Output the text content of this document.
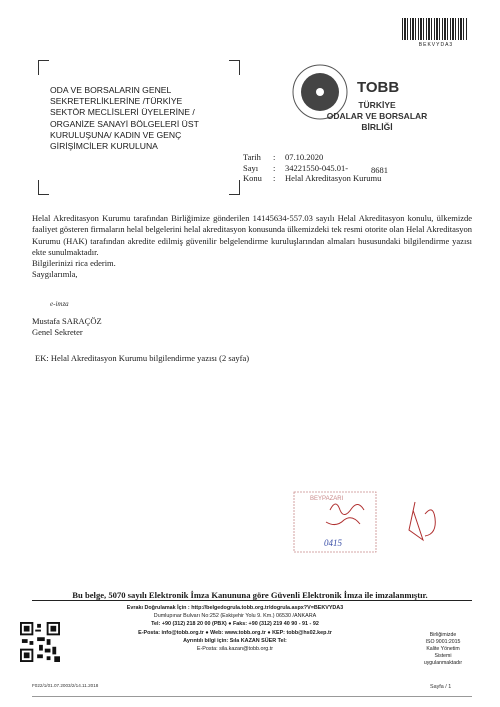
BEKVYDA3
ODA VE BORSALARIN GENEL
SEKRETERLİKLERİNE /TÜRKİYE
SEKTÖR MECLİSLERİ ÜYELERİNE /
ORGANİZE SANAYİ BÖLGELERİ ÜST
KURULUŞUNA/ KADIN VE GENÇ
GİRİŞİMCİLER KURULUNA
TOBB
TÜRKİYE
ODALAR VE BORSALAR
BİRLİĞİ
Tarih	: 07.10.2020
Sayı	: 34221550-045.01-	8681
Konu	: Helal Akreditasyon Kurumu

Helal Akreditasyon Kurumu tarafından Birliğimize gönderilen 14145634-557.03 sayılı Helal Akreditasyon konulu, ülkemizde faaliyet gösteren firmaların helal belgelerini helal akreditasyon konusunda ülkemizdeki tek resmi otorite olan Helal Akreditasyon Kurumu (HAK) tarafından akredite edilmiş güvenilir belgelendirme kuruluşlarından almaları hususundaki bilgilendirme yazısı ekte sunulmaktadır.

Bilgilerinizi rica ederim.

Saygılarımla,

e-imza
Mustafa SARAÇÖZ
Genel Sekreter
EK: Helal Akreditasyon Kurumu bilgilendirme yazısı (2 sayfa)
BEYPAZARI
0415
Bu belge, 5070 sayılı Elektronik İmza Kanununa göre Güvenli Elektronik İmza ile imzalanmıştır.
Evrakı Doğrulamak İçin : http://belgedogrula.tobb.org.tr/dogrula.aspx?V=BEKVYDA3
Dumlupınar Bulvarı No:252 (Eskişehir Yolu 9. Km.) 06530 /ANKARA
Tel: +90 (312) 218 20 00 (PBX) ● Faks: +90 (312) 219 40 90 - 91 - 92
E-Posta: info@tobb.org.tr ● Web: www.tobb.org.tr ● KEP: tobb@hs02.kep.tr
Ayrıntılı bilgi için: Sıla KAZAN SÜER Tel:
E-Posta: sila.kazan@tobb.org.tr
Birliğimizde
ISO 9001:2015
Kalite Yönetim
Sistemi
uygulanmaktadır
F022/1/01.07.2003/2/14.11.2018	Sayfa / 1
